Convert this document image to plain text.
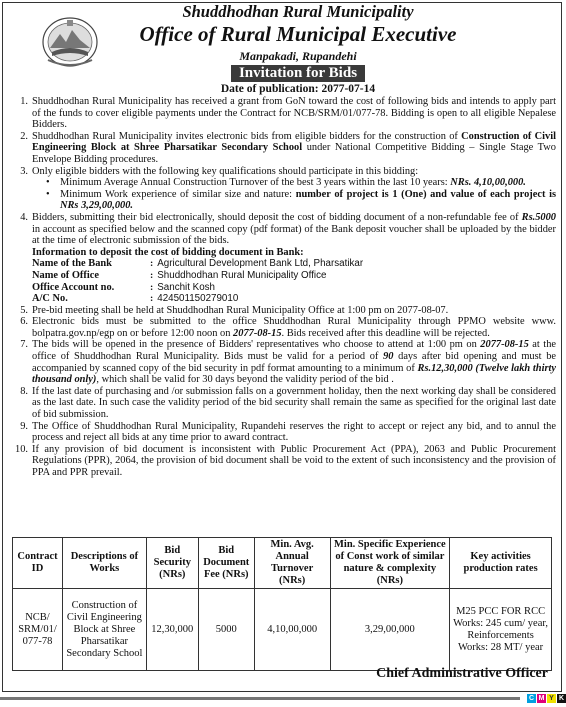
Shuddhodhan Rural Municipality
Office of Rural Municipal Executive
Manpakadi, Rupandehi
Invitation for Bids
Date of publication: 2077-07-14
1. Shuddhodhan Rural Municipality has received a grant from GoN toward the cost of following bids and intends to apply part of the funds to cover eligible payments under the Contract for NCB/SRM/01/077-78. Bidding is open to all eligible Nepalese Bidders.
2. Shuddhodhan Rural Municipality invites electronic bids from eligible bidders for the construction of Construction of Civil Engineering Block at Shree Pharsatikar Secondary School under National Competitive Bidding – Single Stage Two Envelope Bidding procedures.
3. Only eligible bidders with the following key qualifications should participate in this bidding:
• Minimum Average Annual Construction Turnover of the best 3 years within the last 10 years: NRs. 4,10,00,000.
• Minimum Work experience of similar size and nature: number of project is 1 (One) and value of each project is NRs 3,29,00,000.
4. Bidders, submitting their bid electronically, should deposit the cost of bidding document of a non-refundable fee of Rs.5000 in account as specified below and the scanned copy (pdf format) of the Bank deposit voucher shall be uploaded by the bidder at the time of electronic submission of the bids.
Information to deposit the cost of bidding document in Bank:
Name of the Bank	: Agricultural Development Bank Ltd, Pharsatikar
Name of Office	: Shuddhodhan Rural Municipality Office
Office Account no.	: Sanchit Kosh
A/C No.	: 424501150279010
5. Pre-bid meeting shall be held at Shuddhodhan Rural Municipality Office at 1:00 pm on 2077-08-07.
6. Electronic bids must be submitted to the office Shuddhodhan Rural Municipality through PPMO website www. bolpatra.gov.np/egp on or before 12:00 noon on 2077-08-15. Bids received after this deadline will be rejected.
7. The bids will be opened in the presence of Bidders' representatives who choose to attend at 1:00 pm on 2077-08-15 at the office of Shuddhodhan Rural Municipality. Bids must be valid for a period of 90 days after bid opening and must be accompanied by scanned copy of the bid security in pdf format amounting to a minimum of Rs.12,30,000 (Twelve lakh thirty thousand only), which shall be valid for 30 days beyond the validity period of the bid .
8. If the last date of purchasing and /or submission falls on a government holiday, then the next working day shall be considered as the last date. In such case the validity period of the bid security shall remain the same as specified for the original last date of bid submission.
9. The Office of Shuddhodhan Rural Municipality, Rupandehi reserves the right to accept or reject any bid, and to annul the process and reject all bids at any time prior to award contract.
10. If any provision of bid document is inconsistent with Public Procurement Act (PPA), 2063 and Public Procurement Regulations (PPR), 2064, the provision of bid document shall be void to the extent of such inconsistency and the provision of PPA and PPR prevail.
Contract ID	Descriptions of Works	Bid Security (NRs)	Bid Document Fee (NRs)	Min. Avg. Annual Turnover (NRs)	Min. Specific Experience of Const work of similar nature & complexity (NRs)	Key activities production rates
NCB/ SRM/01/ 077-78	Construction of Civil Engineering Block at Shree Pharsatikar Secondary School	12,30,000	5000	4,10,00,000	3,29,00,000	M25 PCC FOR RCC Works: 245 cum/ year, Reinforcements Works: 28 MT/ year
Chief Administrative Officer
C M Y K
